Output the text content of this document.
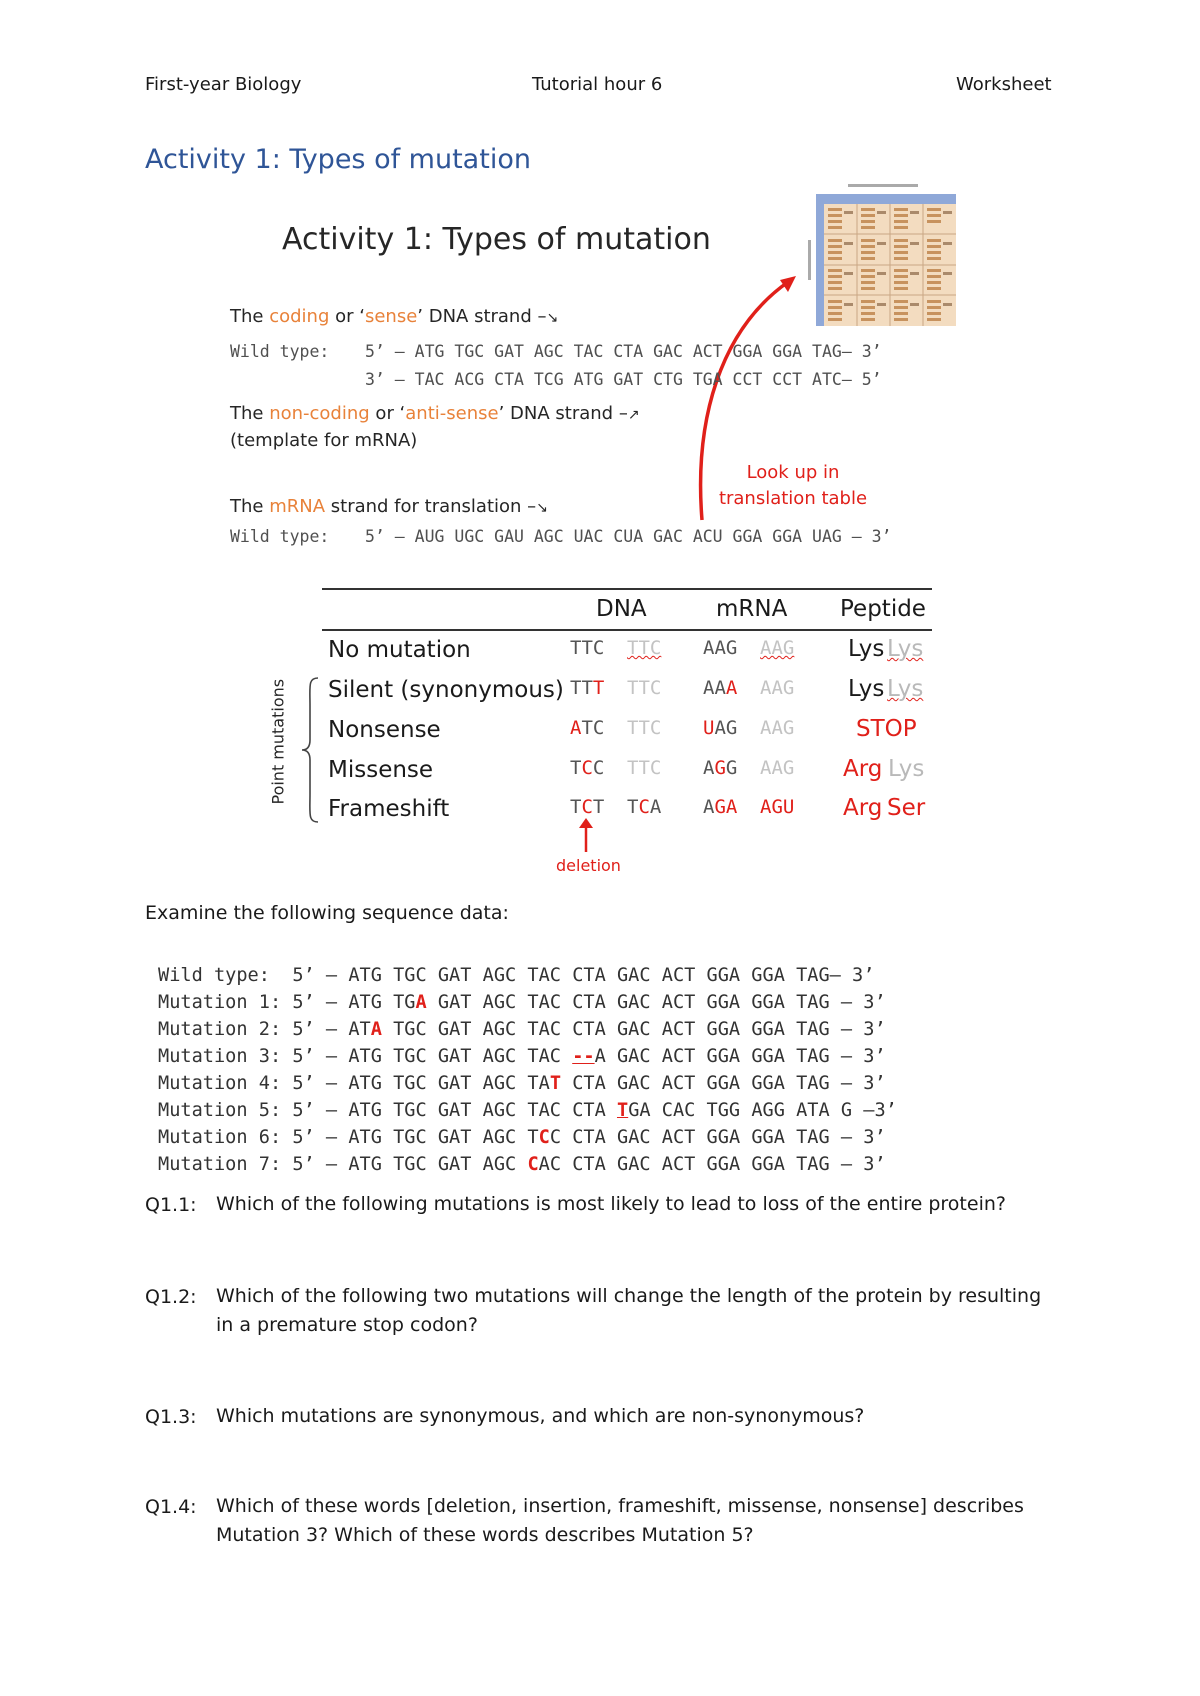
First-year Biology	Tutorial hour 6	Worksheet
Activity 1: Types of mutation
Activity 1: Types of mutation
The coding or ‘sense’ DNA strand –↘
Wild type: 5’ – ATG TGC GAT AGC TAC CTA GAC ACT GGA GGA TAG– 3’
3’ – TAC ACG CTA TCG ATG GAT CTG TGA CCT CCT ATC– 5’
The non-coding or ‘anti-sense’ DNA strand –↗
(template for mRNA)
Look up in
translation table
The mRNA strand for translation –↘
Wild type: 5’ – AUG UGC GAU AGC UAC CUA GAC ACU GGA GGA UAG – 3’
DNA	mRNA Peptide
Point mutations
No mutation	TTC TTC AAG AAG Lys Lys
Silent (synonymous) TTT TTC AAA AAG Lys Lys
Nonsense	ATC TTC UAG AAG	STOP
Missense	TCC TTC AGG AAG Arg Lys
Frameshift	TCT TCA AGA AGU Arg Ser
deletion
Examine the following sequence data:
Wild type:  5’ – ATG TGC GAT AGC TAC CTA GAC ACT GGA GGA TAG– 3’
Mutation 1: 5’ – ATG TGA GAT AGC TAC CTA GAC ACT GGA GGA TAG – 3’
Mutation 2: 5’ – ATA TGC GAT AGC TAC CTA GAC ACT GGA GGA TAG – 3’
Mutation 3: 5’ – ATG TGC GAT AGC TAC --A GAC ACT GGA GGA TAG – 3’
Mutation 4: 5’ – ATG TGC GAT AGC TAT CTA GAC ACT GGA GGA TAG – 3’
Mutation 5: 5’ – ATG TGC GAT AGC TAC CTA TGA CAC TGG AGG ATA G –3’
Mutation 6: 5’ – ATG TGC GAT AGC TCC CTA GAC ACT GGA GGA TAG – 3’
Mutation 7: 5’ – ATG TGC GAT AGC CAC CTA GAC ACT GGA GGA TAG – 3’
Q1.1: Which of the following mutations is most likely to lead to loss of the entire protein?
Q1.2: Which of the following two mutations will change the length of the protein by resulting in a premature stop codon?
Q1.3: Which mutations are synonymous, and which are non-synonymous?
Q1.4: Which of these words [deletion, insertion, frameshift, missense, nonsense] describes Mutation 3? Which of these words describes Mutation 5?
